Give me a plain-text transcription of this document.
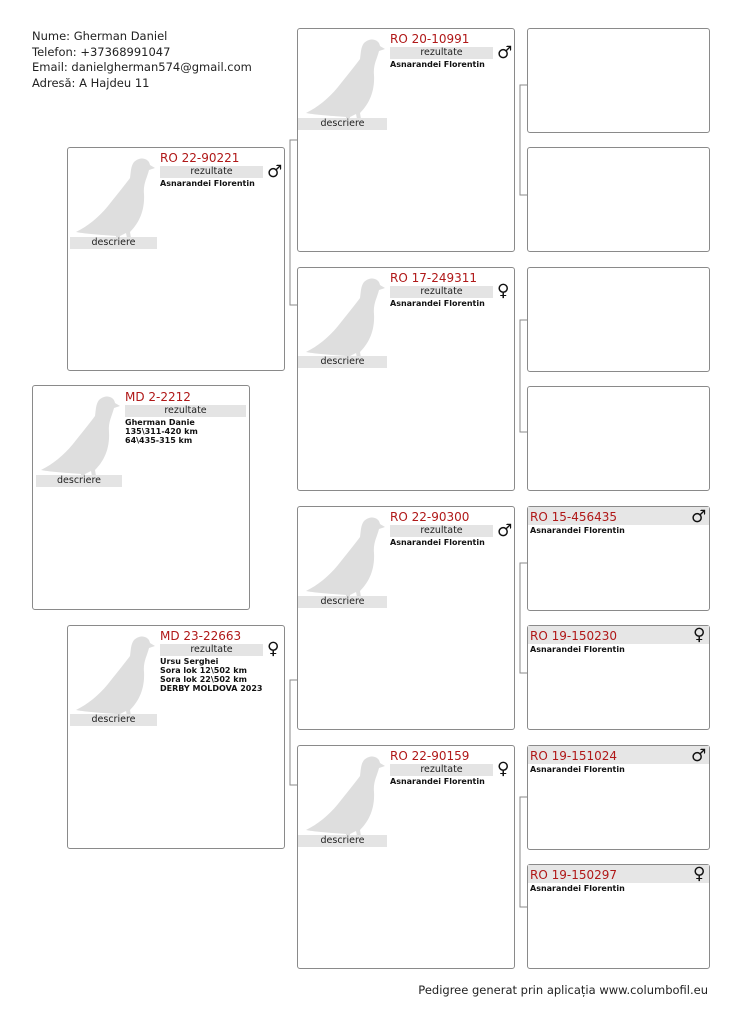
Nume: Gherman Daniel
Telefon: +37368991047
Email: danielgherman574@gmail.com
Adresă: A Hajdeu 11
MD 2-2212
rezultate
Gherman Danie
135\311-420 km
64\435-315 km
descriere
RO 22-90221
rezultate	♂
Asnarandei Florentin
descriere
MD 23-22663
rezultate	♀
Ursu Serghei
Sora lok 12\502 km
Sora lok 22\502 km
DERBY MOLDOVA 2023
descriere
RO 20-10991
rezultate	♂
Asnarandei Florentin
descriere
RO 17-249311
rezultate	♀
Asnarandei Florentin
descriere
RO 22-90300
rezultate	♂
Asnarandei Florentin
descriere
RO 22-90159
rezultate	♀
Asnarandei Florentin
descriere
RO 15-456435	♂
Asnarandei Florentin
RO 19-150230	♀
Asnarandei Florentin
RO 19-151024	♂
Asnarandei Florentin
RO 19-150297	♀
Asnarandei Florentin
Pedigree generat prin aplicația www.columbofil.eu
